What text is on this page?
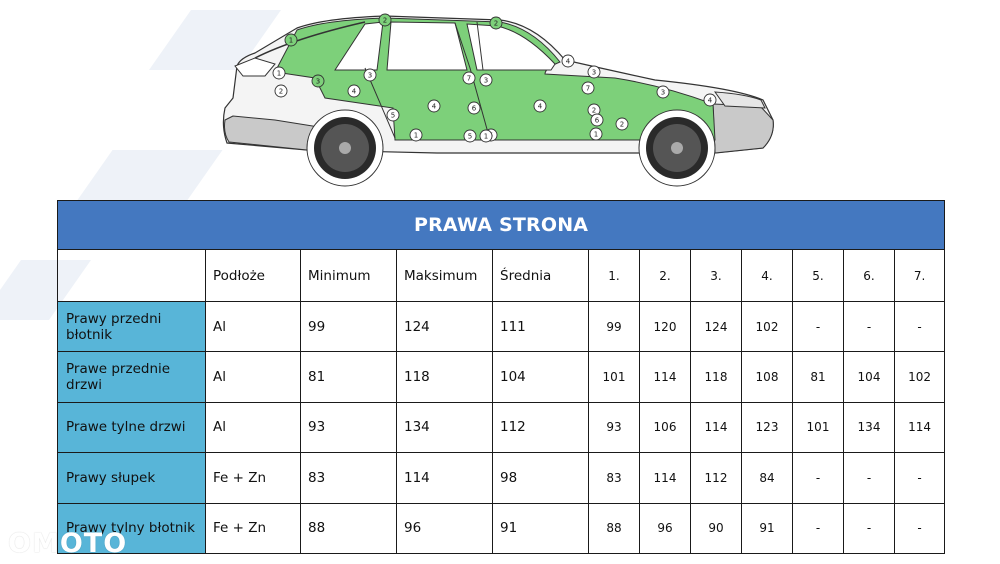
1
1
2
2
2
3
3
3
4
4	4
4
5
6
7
3
2
1
1
4
6
7	3
1
5
2
PRAWA STRONA											
	Podłoże	Minimum	Maksimum	Średnia	1.	2.	3.	4.	5.	6.	7.
Prawy przedni błotnik	Al	99	124	111	99	120	124	102	-	-	-
Prawe przednie drzwi	Al	81	118	104	101	114	118	108	81	104	102
Prawe tylne drzwi	Al	93	134	112	93	106	114	123	101	134	114
Prawy słupek	Fe + Zn	83	114	98	83	114	112	84	-	-	-
Prawy tylny błotnik	Fe + Zn	88	96	91	88	96	90	91	-	-	-
OMOTO
